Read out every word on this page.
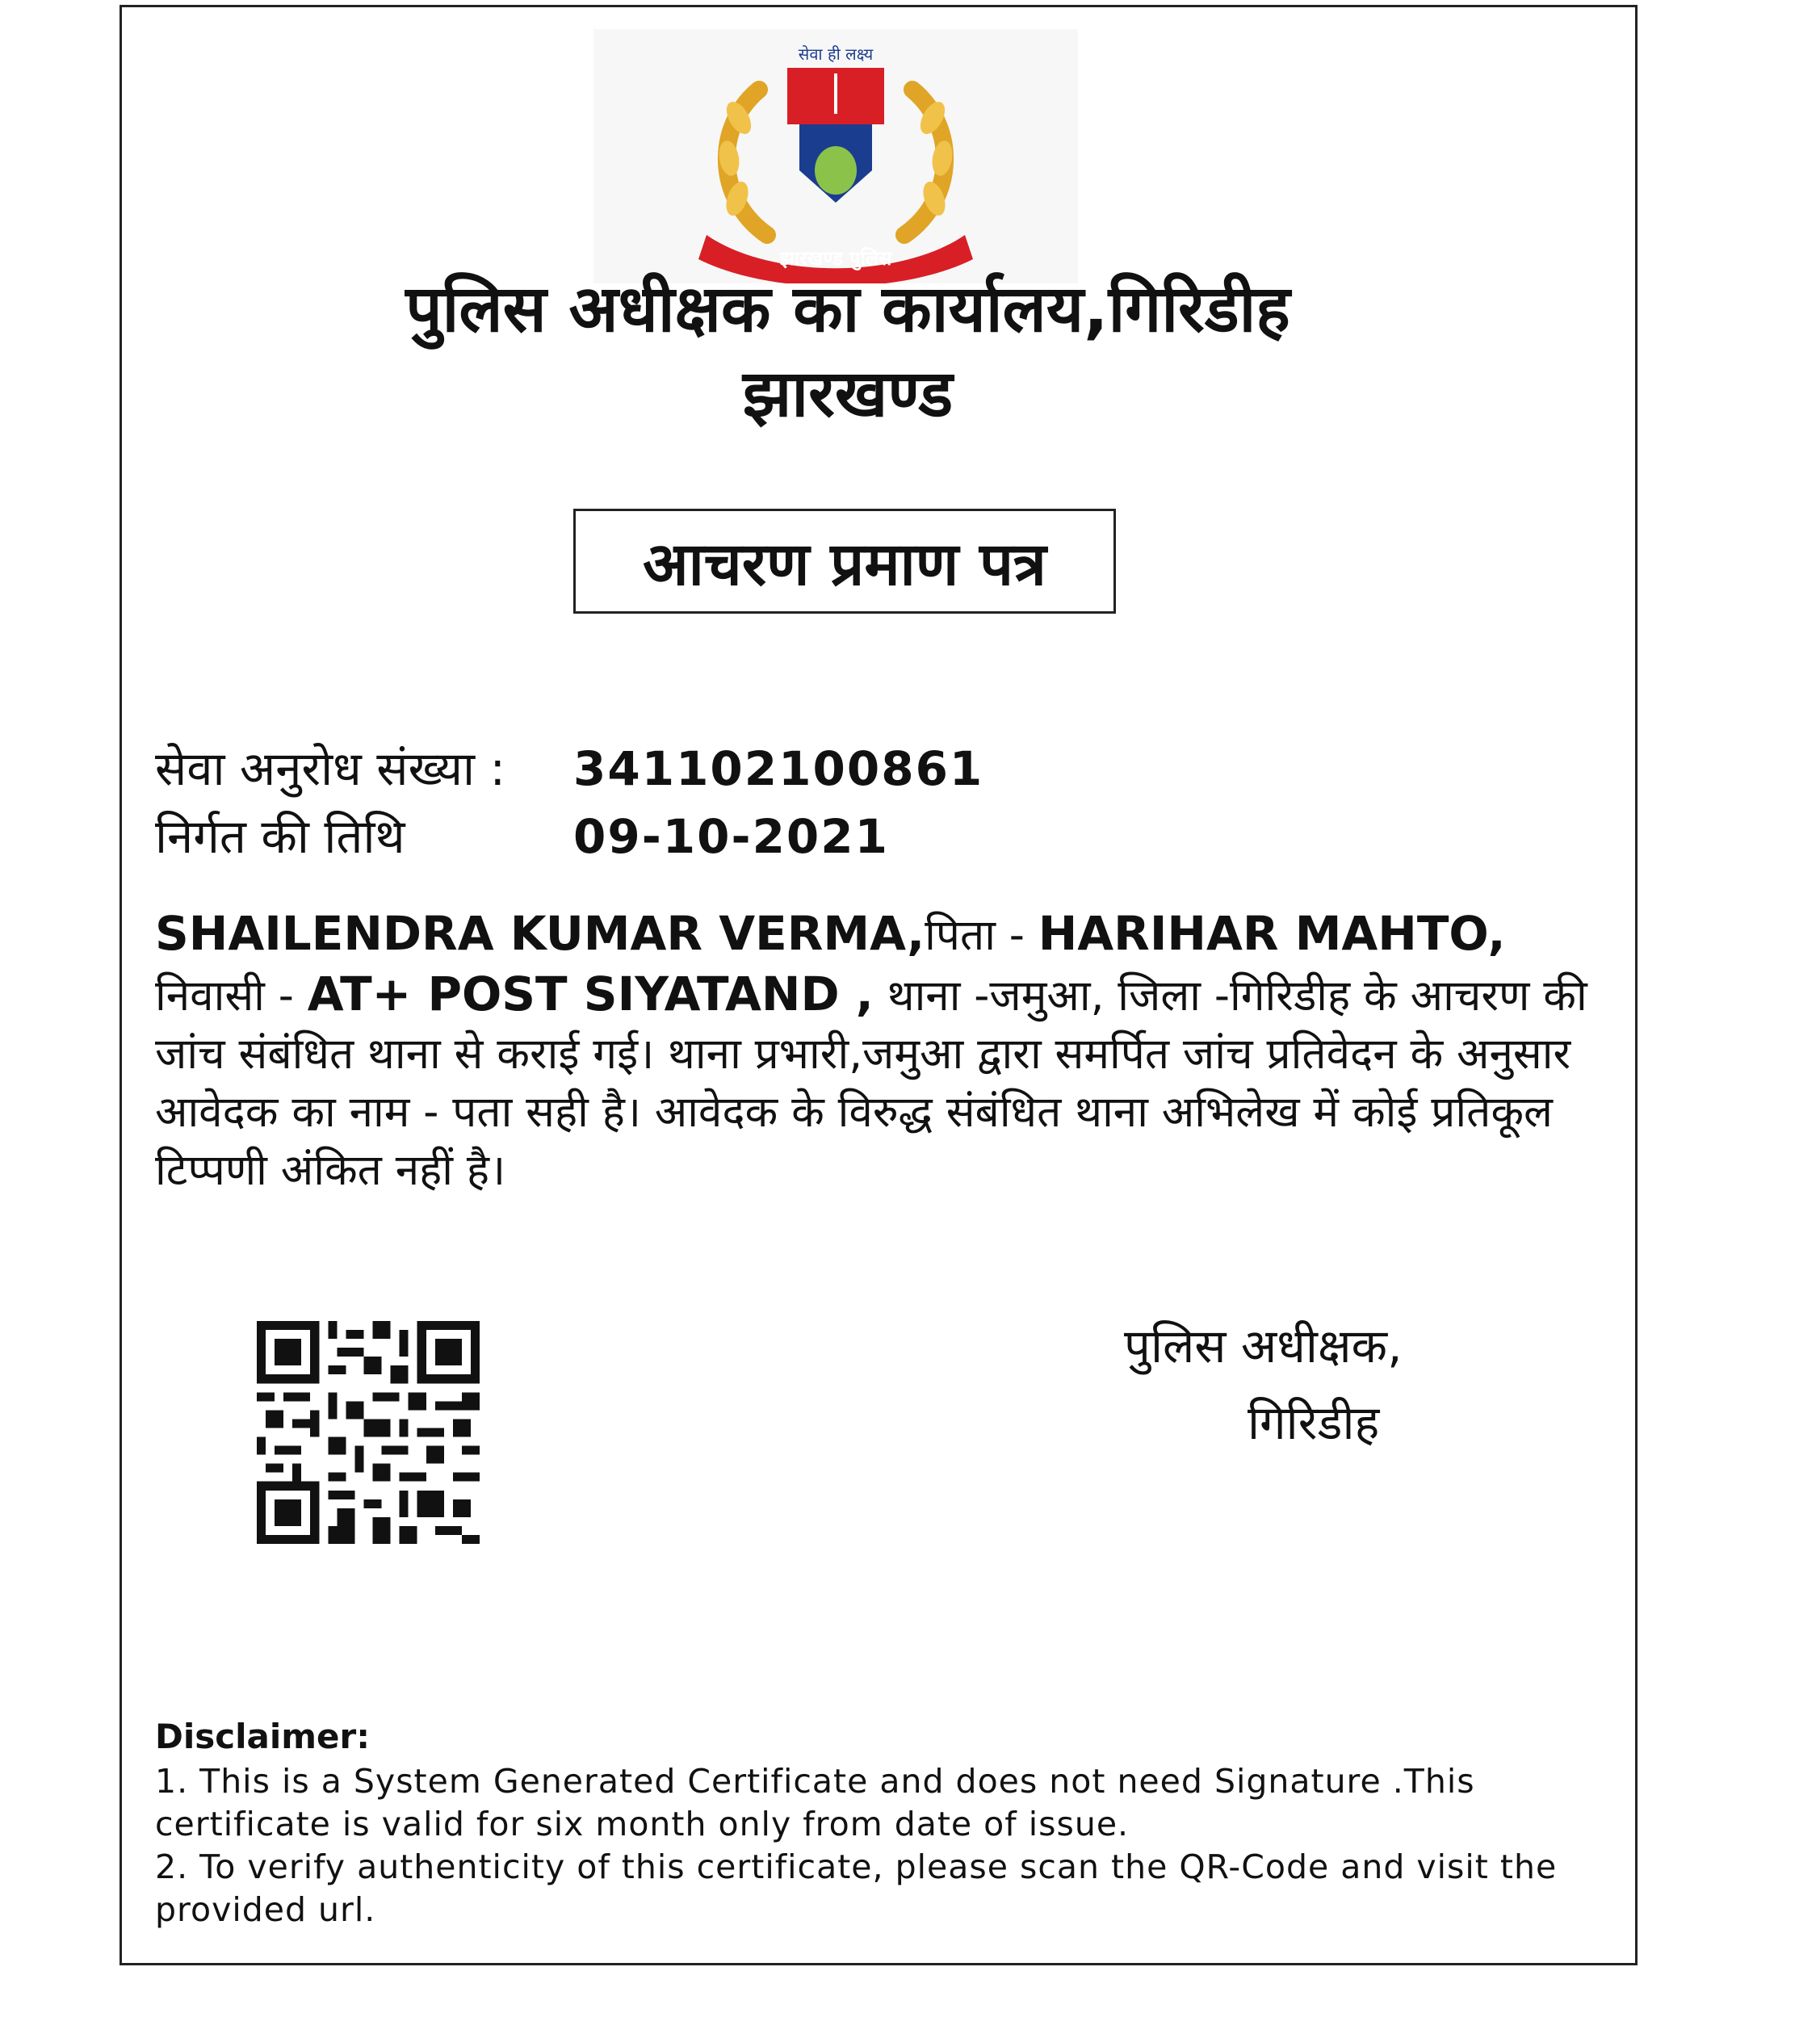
सेवा ही लक्ष्य
झारखण्ड पुलिस
पुलिस अधीक्षक का कार्यालय,गिरिडीह
झारखण्ड
आचरण प्रमाण पत्र
सेवा अनुरोध संख्या : 341102100861
निर्गत की तिथि	09-10-2021
SHAILENDRA KUMAR VERMA,पिता - HARIHAR MAHTO,
निवासी - AT+ POST SIYATAND , थाना -जमुआ, जिला -गिरिडीह के आचरण की जांच संबंधित थाना से कराई गई। थाना प्रभारी,जमुआ द्वारा समर्पित जांच प्रतिवेदन के अनुसार आवेदक का नाम - पता सही है। आवेदक के विरुद्ध संबंधित थाना अभिलेख में कोई प्रतिकूल टिप्पणी अंकित नहीं है।
पुलिस अधीक्षक,
गिरिडीह
Disclaimer:
1. This is a System Generated Certificate and does not need Signature .This certificate is valid for six month only from date of issue.
2. To verify authenticity of this certificate, please scan the QR-Code and visit the provided url.
